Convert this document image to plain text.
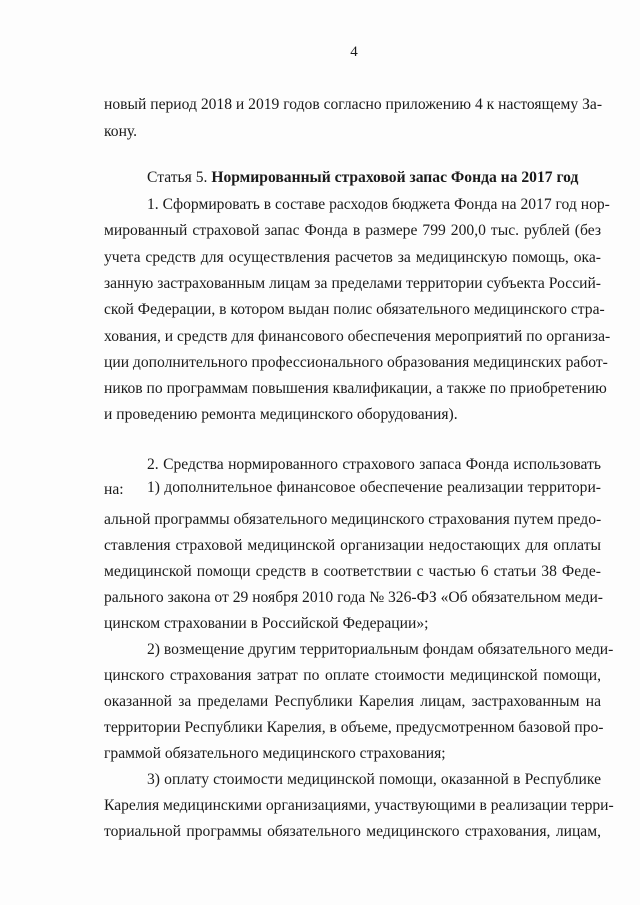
4
новый период 2018 и 2019 годов согласно приложению 4 к настоящему За-
кону.
Статья 5. Нормированный страховой запас Фонда на 2017 год
1. Сформировать в составе расходов бюджета Фонда на 2017 год нор-
мированный страховой запас Фонда в размере 799 200,0 тыс. рублей (без
учета средств для осуществления расчетов за медицинскую помощь, ока-
занную застрахованным лицам за пределами территории субъекта Россий-
ской Федерации, в котором выдан полис обязательного медицинского стра-
хования, и средств для финансового обеспечения мероприятий по организа-
ции дополнительного профессионального образования медицинских работ-
ников по программам повышения квалификации, а также по приобретению
и проведению ремонта медицинского оборудования).
2. Средства нормированного страхового запаса Фонда использовать
на:	1) дополнительное финансовое обеспечение реализации территори-
альной программы обязательного медицинского страхования путем предо-
ставления страховой медицинской организации недостающих для оплаты
медицинской помощи средств в соответствии с частью 6 статьи 38 Феде-
рального закона от 29 ноября 2010 года № 326-ФЗ «Об обязательном меди-
цинском страховании в Российской Федерации»;
2) возмещение другим территориальным фондам обязательного меди-
цинского страхования затрат по оплате стоимости медицинской помощи,
оказанной за пределами Республики Карелия лицам, застрахованным на
территории Республики Карелия, в объеме, предусмотренном базовой про-
граммой обязательного медицинского страхования;
3) оплату стоимости медицинской помощи, оказанной в Республике
Карелия медицинскими организациями, участвующими в реализации терри-
ториальной программы обязательного медицинского страхования, лицам,
